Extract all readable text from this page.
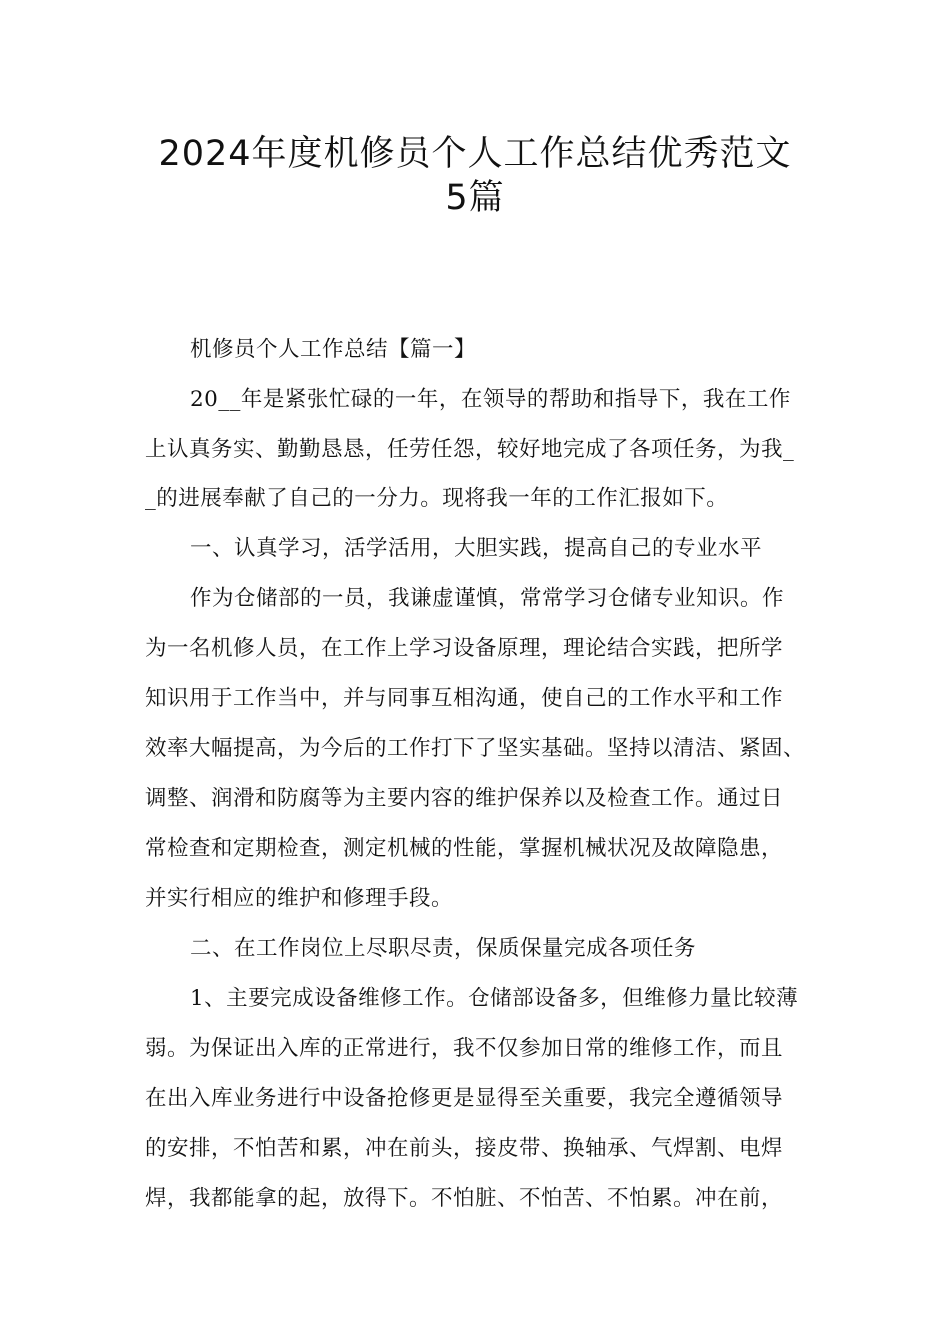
2024年度机修员个人工作总结优秀范文
5篇
机修员个人工作总结【篇一】
20__年是紧张忙碌的一年，在领导的帮助和指导下，我在工作
上认真务实、勤勤恳恳，任劳任怨，较好地完成了各项任务，为我_
_的进展奉献了自己的一分力。现将我一年的工作汇报如下。
一、认真学习，活学活用，大胆实践，提高自己的专业水平
作为仓储部的一员，我谦虚谨慎，常常学习仓储专业知识。作
为一名机修人员，在工作上学习设备原理，理论结合实践，把所学
知识用于工作当中，并与同事互相沟通，使自己的工作水平和工作
效率大幅提高，为今后的工作打下了坚实基础。坚持以清洁、紧固、
调整、润滑和防腐等为主要内容的维护保养以及检查工作。通过日
常检查和定期检查，测定机械的性能，掌握机械状况及故障隐患，
并实行相应的维护和修理手段。
二、在工作岗位上尽职尽责，保质保量完成各项任务
1、主要完成设备维修工作。仓储部设备多，但维修力量比较薄
弱。为保证出入库的正常进行，我不仅参加日常的维修工作，而且
在出入库业务进行中设备抢修更是显得至关重要，我完全遵循领导
的安排，不怕苦和累，冲在前头，接皮带、换轴承、气焊割、电焊
焊，我都能拿的起，放得下。不怕脏、不怕苦、不怕累。冲在前，
